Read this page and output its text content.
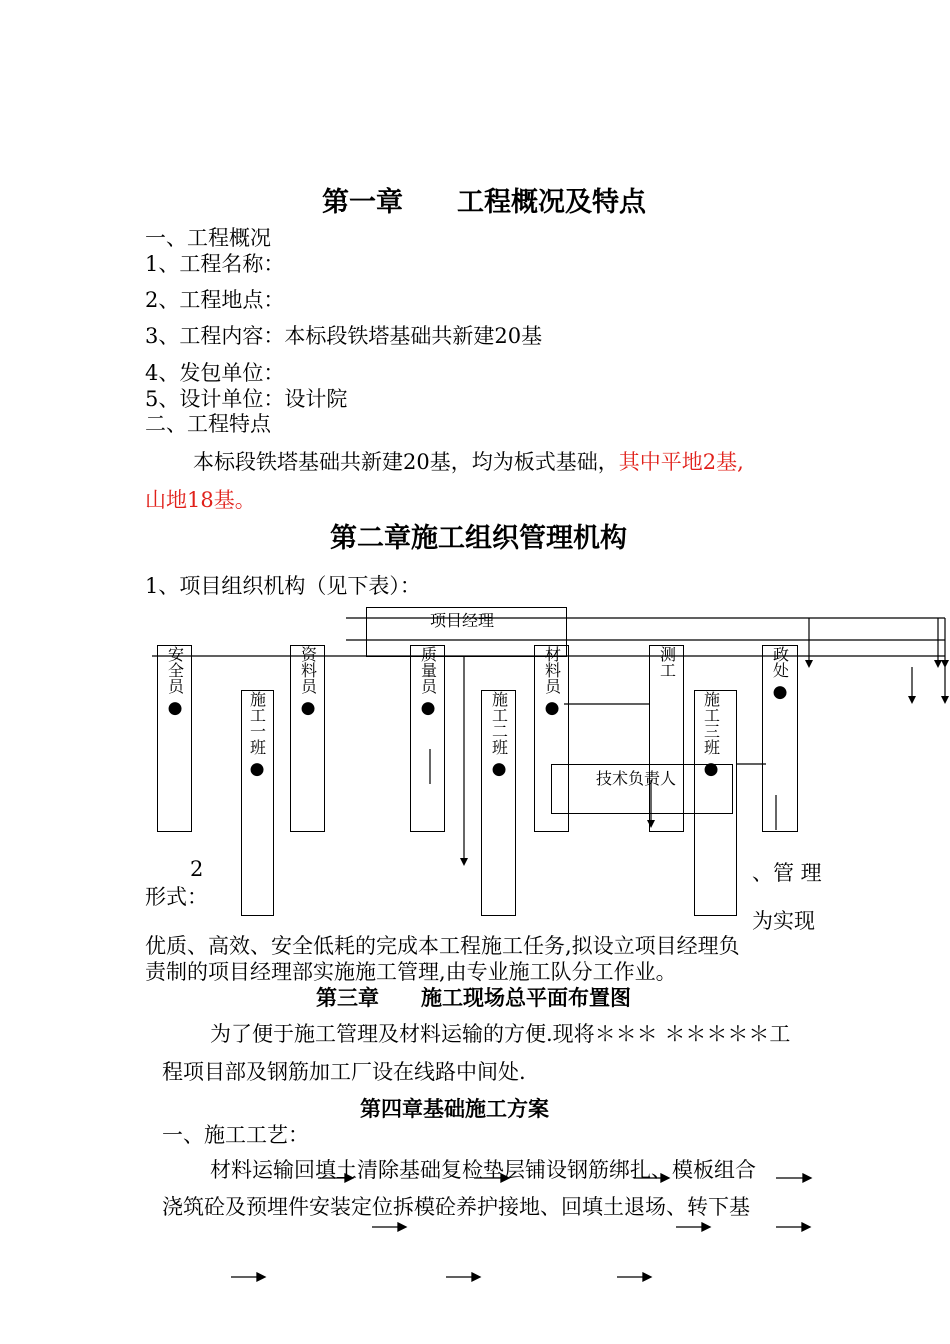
第一章　　工程概况及特点
一、工程概况
1、工程名称：
2、工程地点：
3、工程内容：本标段铁塔基础共新建20基
4、发包单位：
5、设计单位：设计院
二、工程特点
本标段铁塔基础共新建20基，均为板式基础，其中平地2基,
山地18基。
第二章施工组织管理机构
1、项目组织机构（见下表）：
项目经理
安全员
●	施工一班
●
资料员
●
质量员
●	施工二班
●
材料员
●
测工
施工三班
●
政处
●
技术负责人
2
形式：
、管 理
为实现
优质、高效、安全低耗的完成本工程施工任务,拟设立项目经理负
责制的项目经理部实施施工管理,由专业施工队分工作业。
第三章　　施工现场总平面布置图
为了便于施工管理及材料运输的方便.现将＊＊＊ ＊＊＊＊＊工
程项目部及钢筋加工厂设在线路中间处.
第四章基础施工方案
一、施工工艺：
材料运输回填土清除基础复检垫层铺设钢筋绑扎、模板组合
浇筑砼及预埋件安装定位拆模砼养护接地、回填土退场、转下基
